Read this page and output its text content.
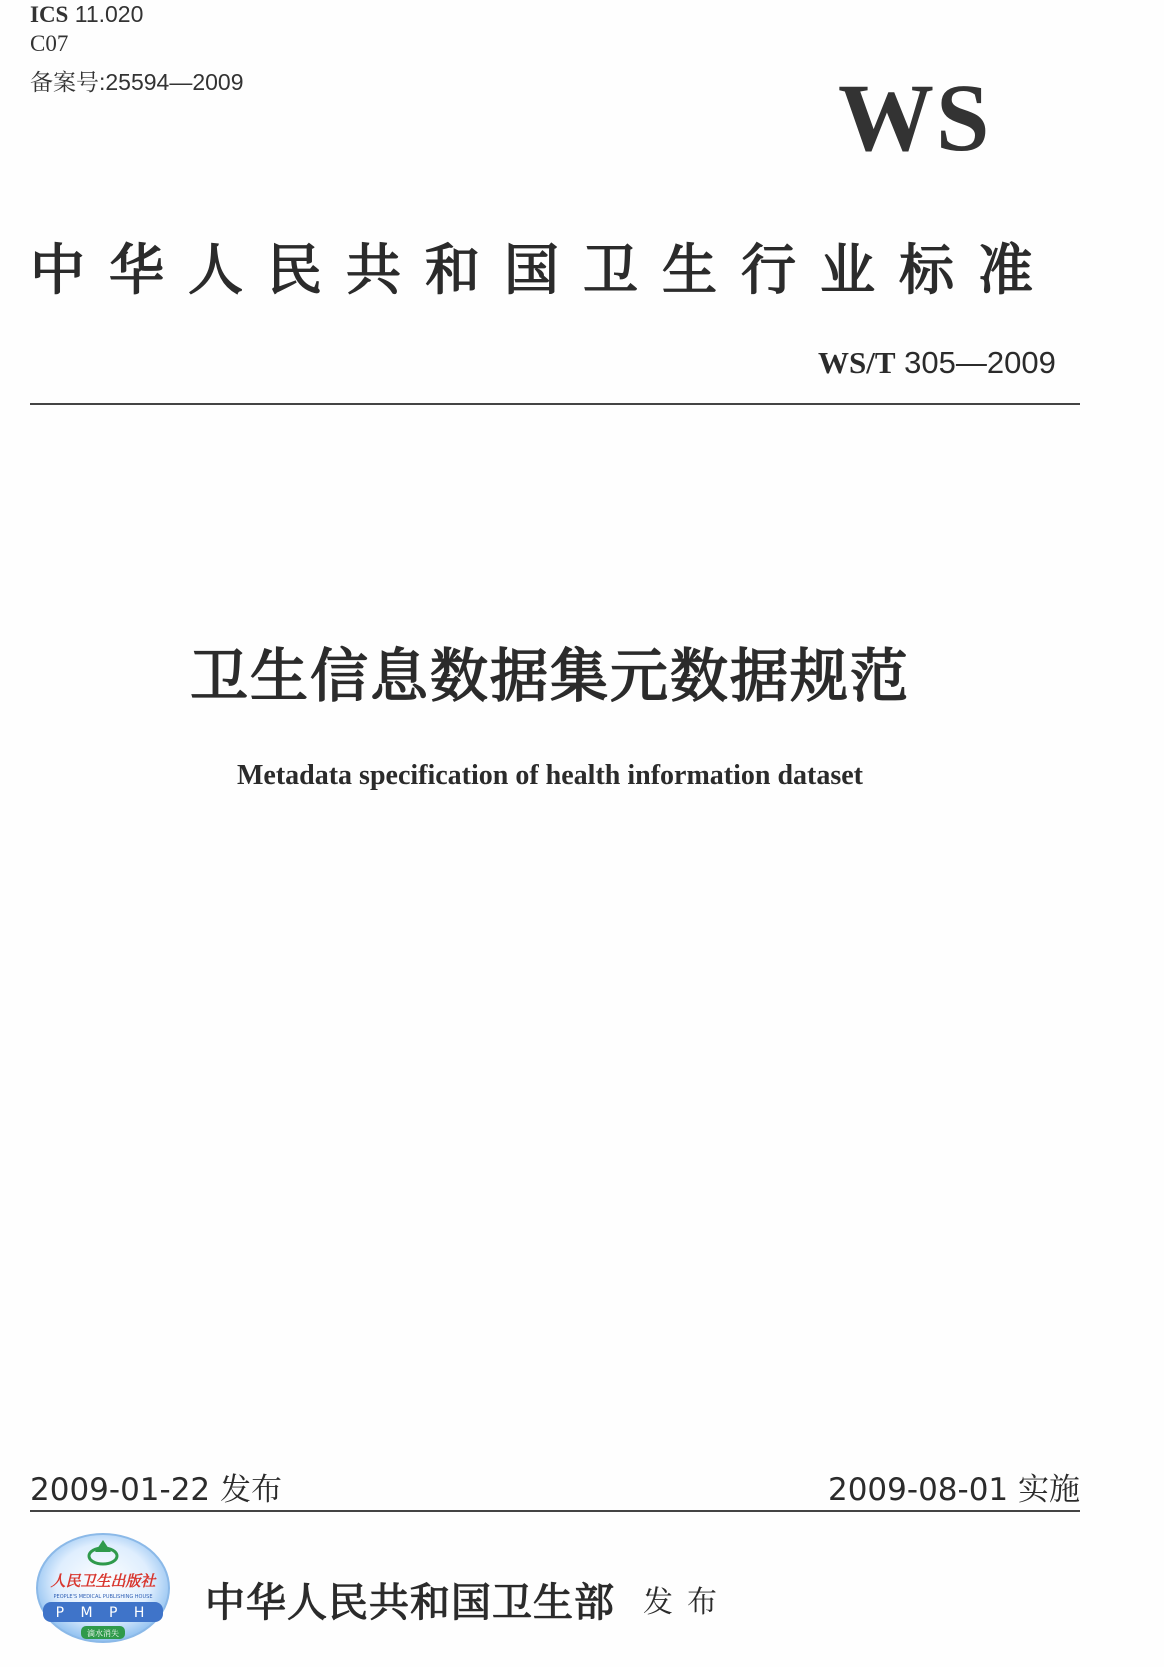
ICS 11.020
C07
备案号:25594—2009	WS
中华人民共和国卫生行业标准
WS/T 305—2009
卫生信息数据集元数据规范
Metadata specification of health information dataset
2009-01-22 发布	2009-08-01 实施
人民卫生出版社
PEOPLE'S MEDICAL PUBLISHING HOUSE
P M P H
滴水消失
中华人民共和国卫生部 发布
